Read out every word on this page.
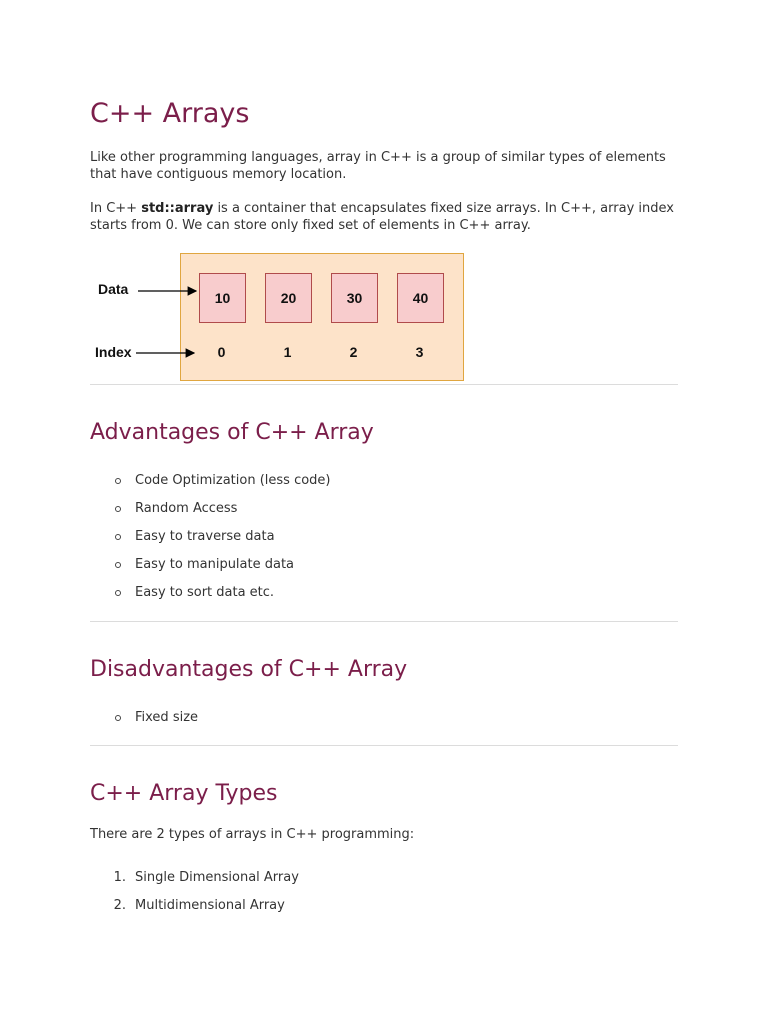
C++ Arrays

Like other programming languages, array in C++ is a group of similar types of elements that have contiguous memory location.

In C++ std::array is a container that encapsulates fixed size arrays. In C++, array index starts from 0. We can store only fixed set of elements in C++ array.

10	20	30	40
0	1	2	3
Data
Index
Advantages of C++ Array
Code Optimization (less code)
Random Access
Easy to traverse data
Easy to manipulate data
Easy to sort data etc.
Disadvantages of C++ Array
Fixed size
C++ Array Types

There are 2 types of arrays in C++ programming:

1. Single Dimensional Array
2. Multidimensional Array
